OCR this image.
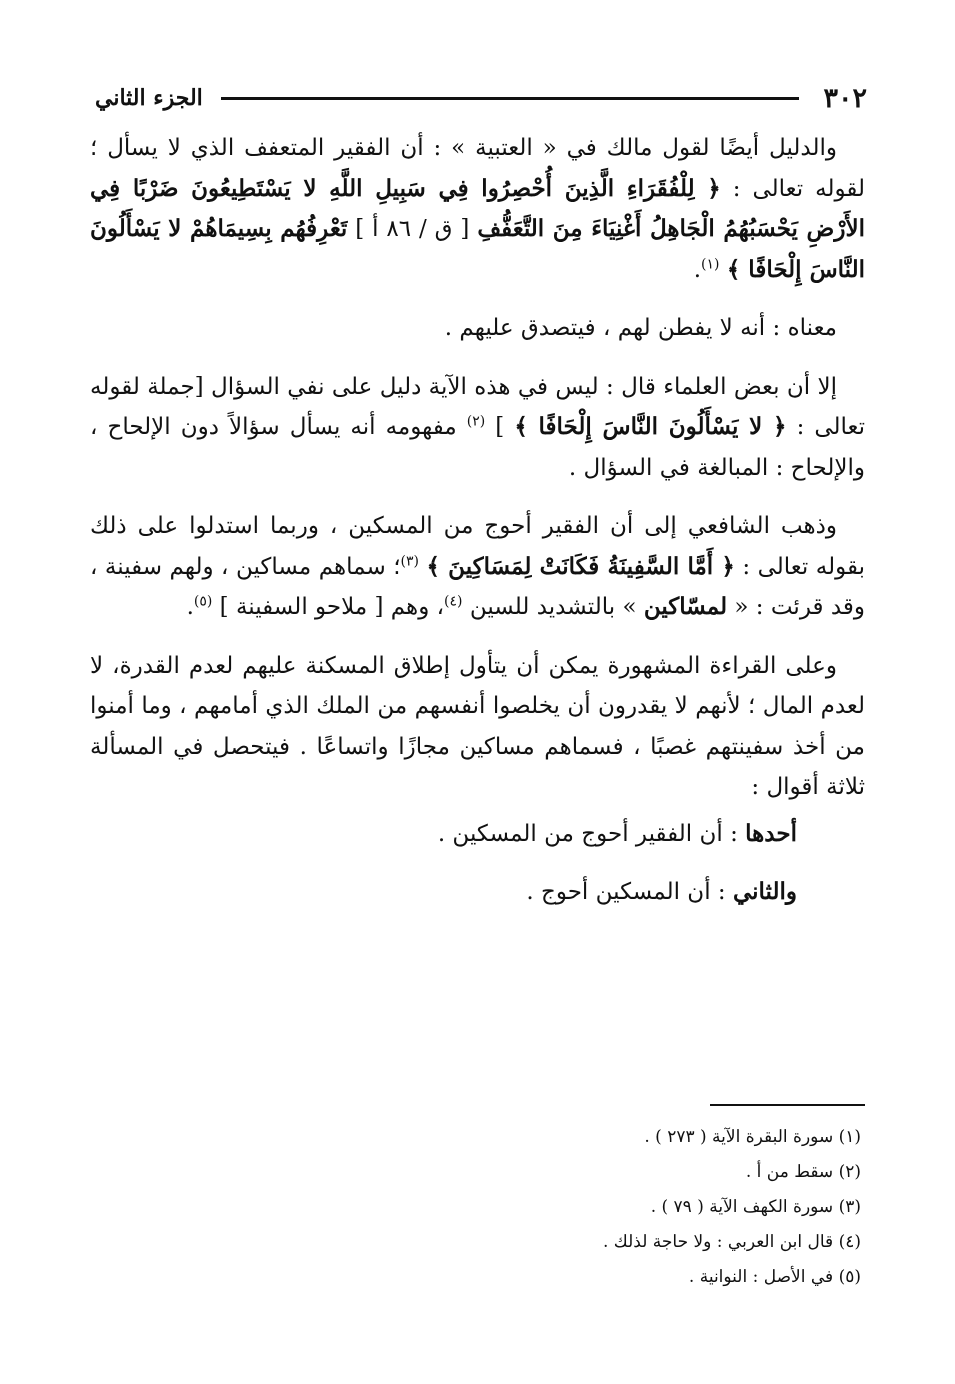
٣٠٢
الجزء الثاني

والدليل أيضًا لقول مالك في « العتبية » : أن الفقير المتعفف الذي لا يسأل ؛ لقوله تعالى : ﴿ لِلْفُقَرَاءِ الَّذِينَ أُحْصِرُوا فِي سَبِيلِ اللَّهِ لا يَسْتَطِيعُونَ ضَرْبًا فِي الأَرْضِ يَحْسَبُهُمُ الْجَاهِلُ أَغْنِيَاءَ مِنَ التَّعَفُّفِ [ ق / ٨٦ أ ] تَعْرِفُهُم بِسِيمَاهُمْ لا يَسْأَلُونَ النَّاسَ إِلْحَافًا ﴾ $^{(١)}$.

معناه : أنه لا يفطن لهم ، فيتصدق عليهم .

إلا أن بعض العلماء قال : ليس في هذه الآية دليل على نفي السؤال [جملة لقوله تعالى : ﴿ لا يَسْأَلُونَ النَّاسَ إِلْحَافًا ﴾ ] $^{(٢)}$ مفهومه أنه يسأل سؤالاً دون الإلحاح ، والإلحاح : المبالغة في السؤال .

وذهب الشافعي إلى أن الفقير أحوج من المسكين ، وربما استدلوا على ذلك بقوله تعالى : ﴿ أَمَّا السَّفِينَةُ فَكَانَتْ لِمَسَاكِينَ ﴾ $^{(٣)}$؛ سماهم مساكين ، ولهم سفينة ، وقد قرئت : « لمسّاكين » بالتشديد للسين $^{(٤)}$، وهم [ ملاحو السفينة ] $^{(٥)}$.

وعلى القراءة المشهورة يمكن أن يتأول إطلاق المسكنة عليهم لعدم القدرة، لا لعدم المال ؛ لأنهم لا يقدرون أن يخلصوا أنفسهم من الملك الذي أمامهم ، وما أمنوا من أخذ سفينتهم غصبًا ، فسماهم مساكين مجازًا واتساعًا . فيتحصل في المسألة ثلاثة أقوال :

أحدها : أن الفقير أحوج من المسكين .

والثاني : أن المسكين أحوج .

(١) سورة البقرة الآية ( ٢٧٣ ) .
(٢) سقط من أ .
(٣) سورة الكهف الآية ( ٧٩ ) .
(٤) قال ابن العربي : ولا حاجة لذلك .
(٥) في الأصل : النوانية .
